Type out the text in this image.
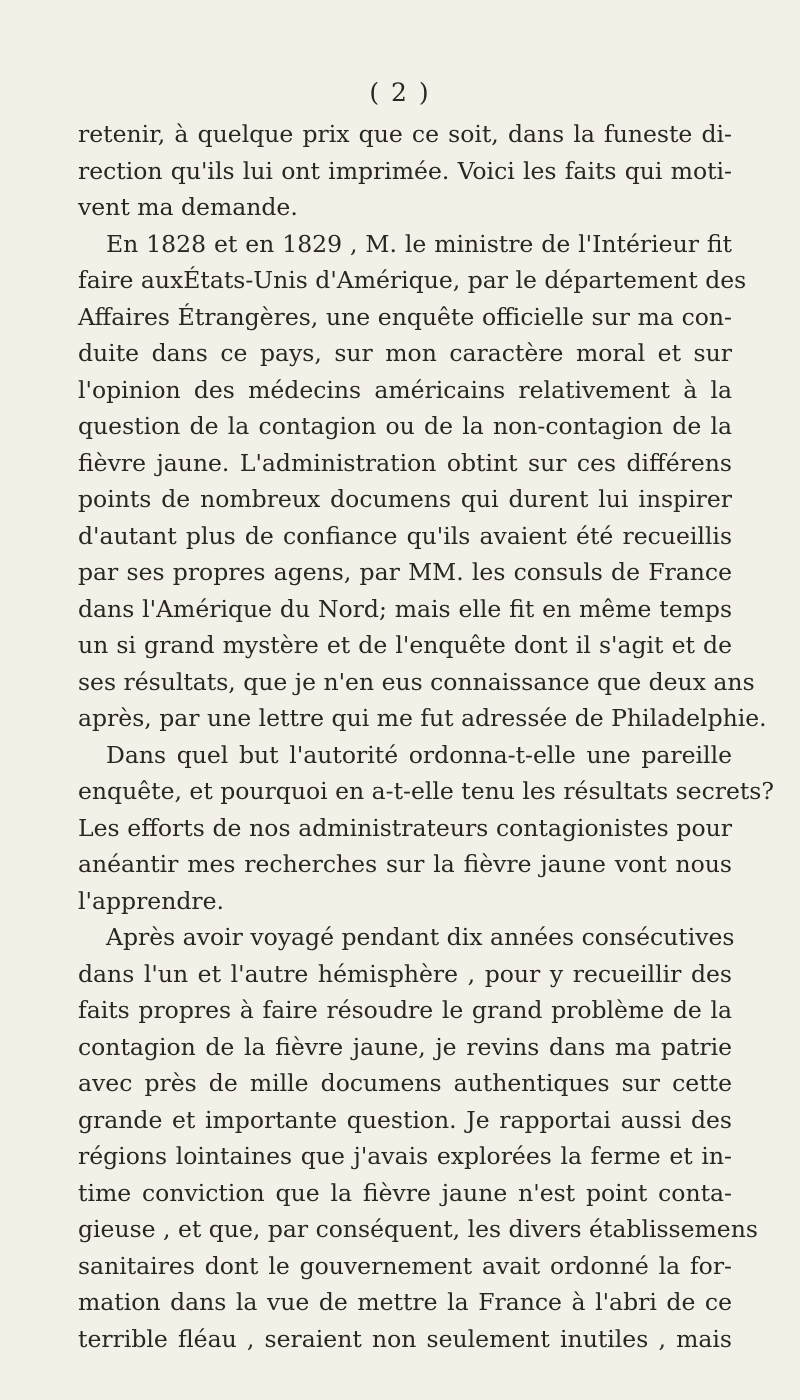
( 2 )
retenir, à quelque prix que ce soit, dans la funeste di-
rection qu'ils lui ont imprimée. Voici les faits qui moti-
vent ma demande.
En 1828 et en 1829 , M. le ministre de l'Intérieur fit
faire auxÉtats-Unis d'Amérique, par le département des
Affaires Étrangères, une enquête officielle sur ma con-
duite dans ce pays, sur mon caractère moral et sur
l'opinion des médecins américains relativement à la
question de la contagion ou de la non-contagion de la
fièvre jaune. L'administration obtint sur ces différens
points de nombreux documens qui durent lui inspirer
d'autant plus de confiance qu'ils avaient été recueillis
par ses propres agens, par MM. les consuls de France
dans l'Amérique du Nord; mais elle fit en même temps
un si grand mystère et de l'enquête dont il s'agit et de
ses résultats, que je n'en eus connaissance que deux ans
après, par une lettre qui me fut adressée de Philadelphie.
Dans quel but l'autorité ordonna-t-elle une pareille
enquête, et pourquoi en a-t-elle tenu les résultats secrets?
Les efforts de nos administrateurs contagionistes pour
anéantir mes recherches sur la fièvre jaune vont nous
l'apprendre.
Après avoir voyagé pendant dix années consécutives
dans l'un et l'autre hémisphère , pour y recueillir des
faits propres à faire résoudre le grand problème de la
contagion de la fièvre jaune, je revins dans ma patrie
avec près de mille documens authentiques sur cette
grande et importante question. Je rapportai aussi des
régions lointaines que j'avais explorées la ferme et in-
time conviction que la fièvre jaune n'est point conta-
gieuse , et que, par conséquent, les divers établissemens
sanitaires dont le gouvernement avait ordonné la for-
mation dans la vue de mettre la France à l'abri de ce
terrible fléau , seraient non seulement inutiles , mais
